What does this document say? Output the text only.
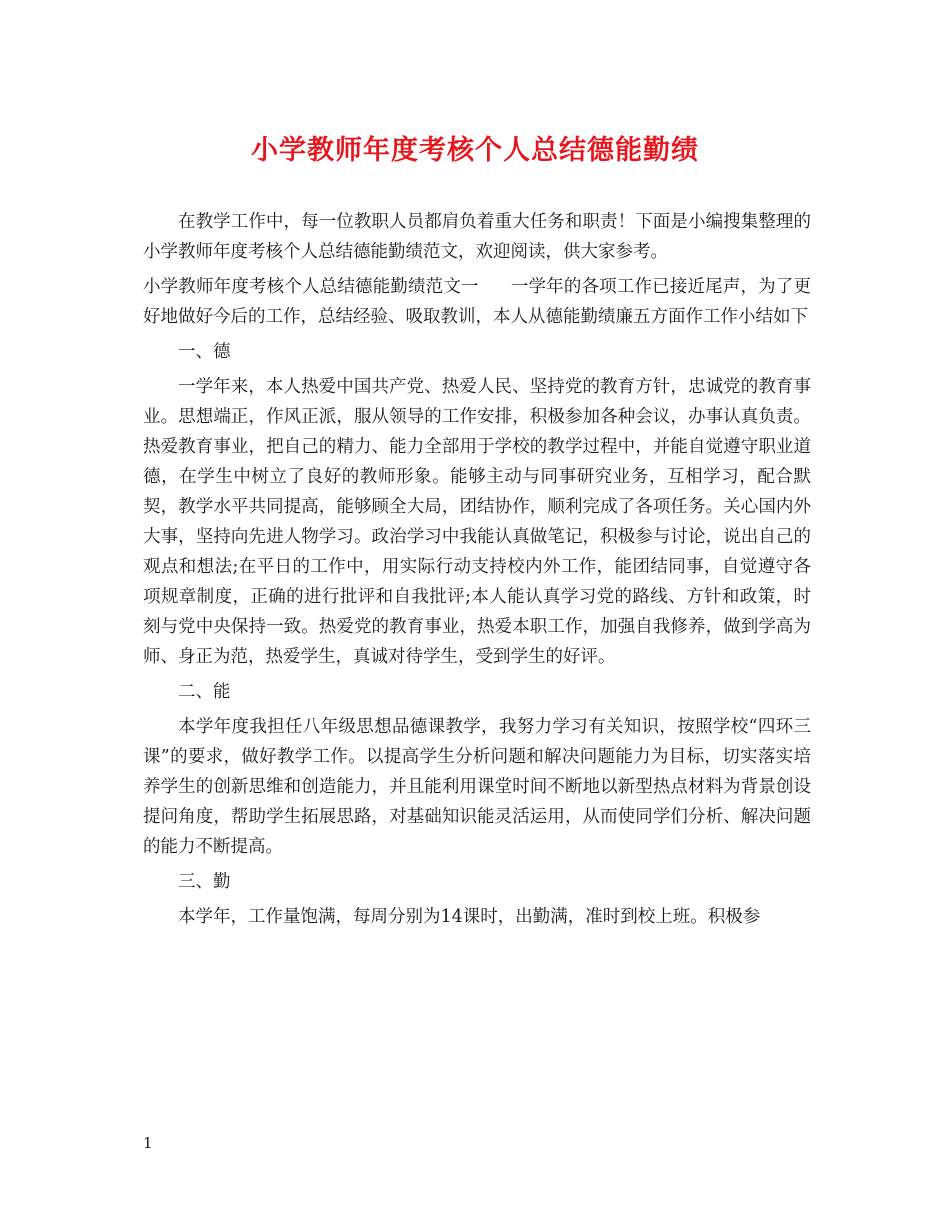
小学教师年度考核个人总结德能勤绩

在教学工作中，每一位教职人员都肩负着重大任务和职责！下面是小编搜集整理的小学教师年度考核个人总结德能勤绩范文，欢迎阅读，供大家参考。

小学教师年度考核个人总结德能勤绩范文一 一学年的各项工作已接近尾声，为了更好地做好今后的工作，总结经验、吸取教训，本人从德能勤绩廉五方面作工作小结如下

一、德

一学年来，本人热爱中国共产党、热爱人民、坚持党的教育方针，忠诚党的教育事业。思想端正，作风正派，服从领导的工作安排，积极参加各种会议，办事认真负责。热爱教育事业，把自己的精力、能力全部用于学校的教学过程中，并能自觉遵守职业道德，在学生中树立了良好的教师形象。能够主动与同事研究业务，互相学习，配合默契，教学水平共同提高，能够顾全大局，团结协作，顺利完成了各项任务。关心国内外大事，坚持向先进人物学习。政治学习中我能认真做笔记，积极参与讨论，说出自己的观点和想法;在平日的工作中，用实际行动支持校内外工作，能团结同事，自觉遵守各项规章制度，正确的进行批评和自我批评;本人能认真学习党的路线、方针和政策，时刻与党中央保持一致。热爱党的教育事业，热爱本职工作，加强自我修养，做到学高为师、身正为范，热爱学生，真诚对待学生，受到学生的好评。

二、能

本学年度我担任八年级思想品德课教学，我努力学习有关知识，按照学校“四环三课”的要求，做好教学工作。以提高学生分析问题和解决问题能力为目标，切实落实培养学生的创新思维和创造能力，并且能利用课堂时间不断地以新型热点材料为背景创设提问角度，帮助学生拓展思路，对基础知识能灵活运用，从而使同学们分析、解决问题的能力不断提高。

三、勤

本学年，工作量饱满，每周分别为14课时，出勤满，准时到校上班。积极参

1
